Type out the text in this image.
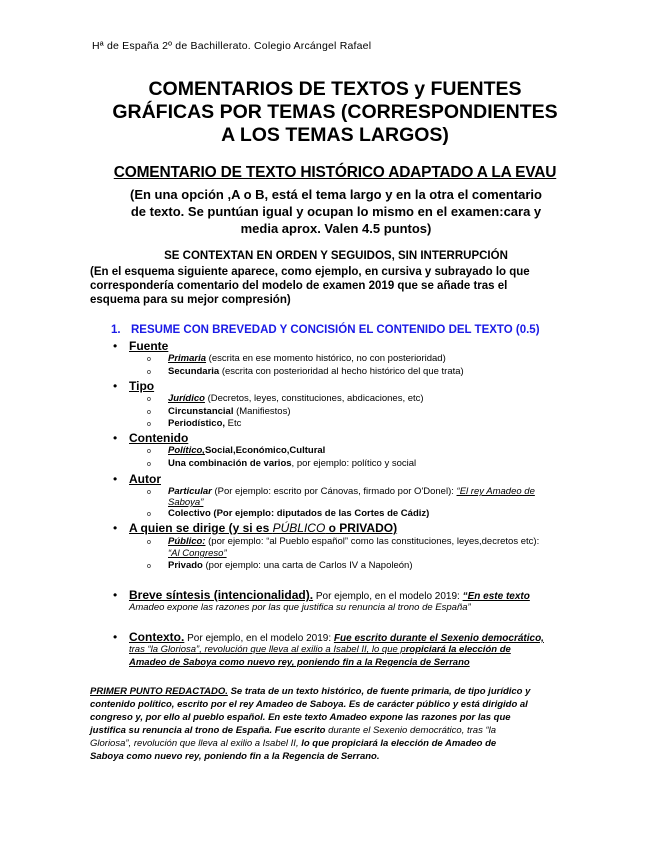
Hª de España 2º de Bachillerato. Colegio Arcángel Rafael
COMENTARIOS DE TEXTOS y FUENTES
GRÁFICAS POR TEMAS (CORRESPONDIENTES
A LOS TEMAS LARGOS)
COMENTARIO DE TEXTO HISTÓRICO ADAPTADO A LA EVAU
(En una opción ,A o B, está el tema largo y en la otra el comentario
de texto. Se puntúan igual y ocupan lo mismo en el examen:cara y
media aprox. Valen 4.5 puntos)
SE CONTEXTAN EN ORDEN Y SEGUIDOS, SIN INTERRUPCIÓN
(En el esquema siguiente aparece, como ejemplo, en cursiva y subrayado lo que
correspondería comentario del modelo de examen 2019 que se añade tras el
esquema para su mejor compresión)
1. RESUME CON BREVEDAD Y CONCISIÓN EL CONTENIDO DEL TEXTO (0.5)
• Fuente
o Primaria (escrita en ese momento histórico, no con posterioridad)
o Secundaria (escrita con posterioridad al hecho histórico del que trata)
• Tipo
o Jurídico (Decretos, leyes, constituciones, abdicaciones, etc)
o Circunstancial (Manifiestos)
o Periodístico, Etc
• Contenido
o Político,Social,Económico,Cultural
o Una combinación de varios, por ejemplo: político y social
• Autor
o Particular (Por ejemplo: escrito por Cánovas, firmado por O'Donel): “El rey Amadeo de
Saboya”
o Colectivo (Por ejemplo: diputados de las Cortes de Cádiz)
• A quien se dirige (y si es PÚBLICO o PRIVADO)
o Público: (por ejemplo: “al Pueblo español” como las constituciones, leyes,decretos etc):
“Al Congreso”
o Privado (por ejemplo: una carta de Carlos IV a Napoleón)
• Breve síntesis (intencionalidad). Por ejemplo, en el modelo 2019: “En este texto
Amadeo expone las razones por las que justifica su renuncia al trono de España”
• Contexto. Por ejemplo, en el modelo 2019: Fue escrito durante el Sexenio democrático,
tras “la Gloriosa”, revolución que lleva al exilio a Isabel II, lo que propiciará la elección de
Amadeo de Saboya como nuevo rey, poniendo fin a la Regencia de Serrano
PRIMER PUNTO REDACTADO. Se trata de un texto histórico, de fuente primaria, de tipo jurídico y
contenido político, escrito por el rey Amadeo de Saboya. Es de carácter público y está dirigido al
congreso y, por ello al pueblo español. En este texto Amadeo expone las razones por las que
justifica su renuncia al trono de España. Fue escrito durante el Sexenio democrático, tras “la
Gloriosa”, revolución que lleva al exilio a Isabel II, lo que propiciará la elección de Amadeo de
Saboya como nuevo rey, poniendo fin a la Regencia de Serrano.
